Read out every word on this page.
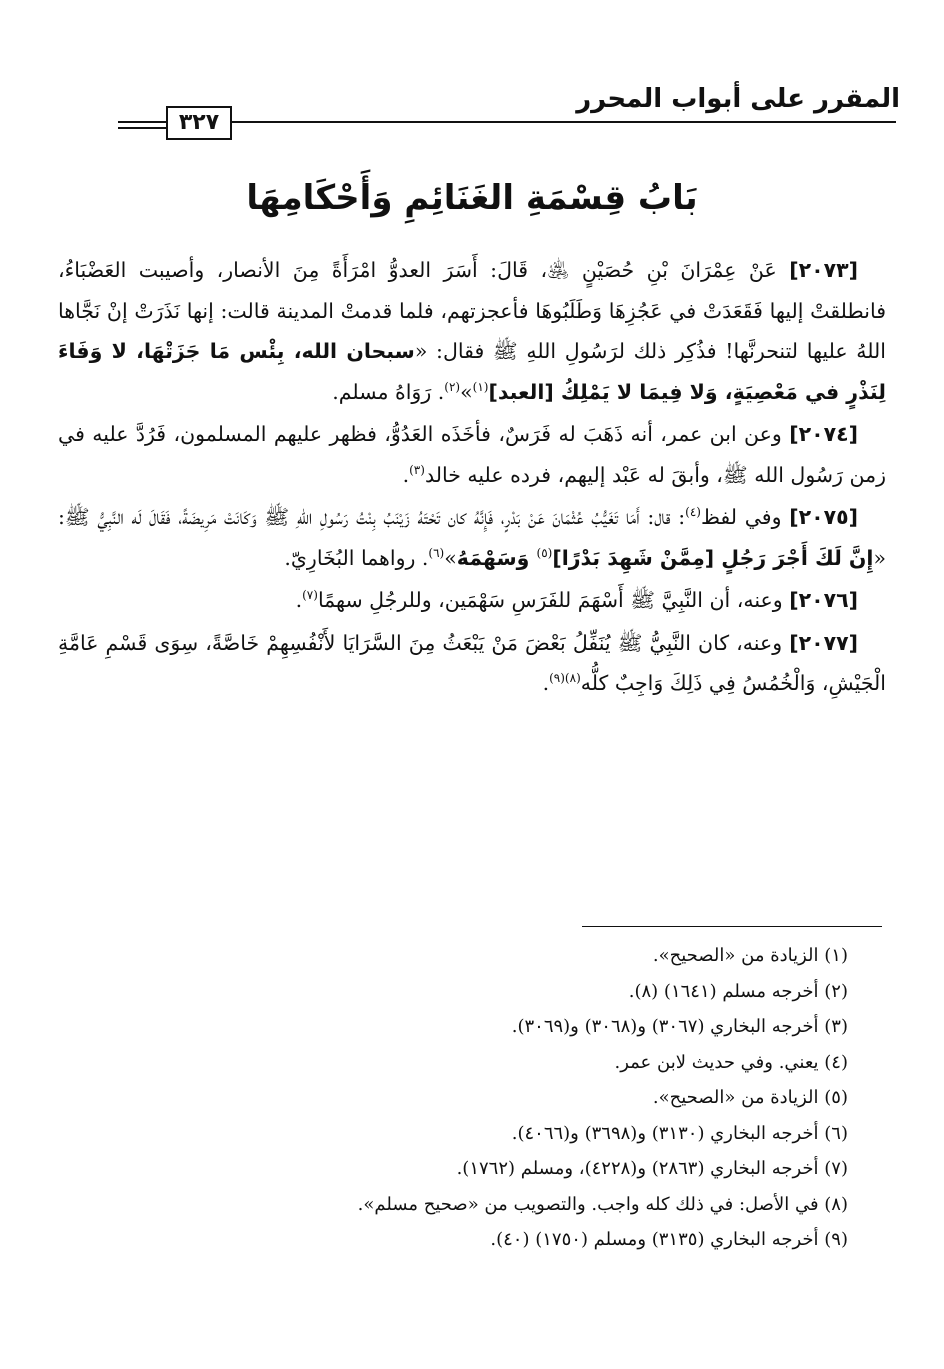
المقرر على أبواب المحرر
٣٢٧
بَابُ قِسْمَةِ الغَنَائِمِ وَأَحْكَامِهَا

[٢٠٧٣] عَنْ عِمْرَانَ بْنِ حُصَيْنٍ ﵁، قَالَ: أَسَرَ العدوُّ امْرَأَةً مِنَ الأنصار، وأصيبت العَضْبَاءُ، فانطلقتْ إليها فَقَعَدَتْ في عَجُزِهَا وَطَلَبُوهَا فأعجزتهم، فلما قدمتْ المدينة قالت: إنها نَذَرَتْ إنْ نَجَّاها اللهُ عليها لتنحرنَّها! فذُكِر ذلك لرَسُولِ اللهِ ﷺ فقال: «سبحان الله، بِئْس مَا جَزَتْهَا، لا وَفَاءَ لِنَذْرٍ في مَعْصِيَةٍ، وَلا فِيمَا لا يَمْلِكُ [العبد]$^{(١)}$»$^{(٢)}$. رَوَاهُ مسلم.

[٢٠٧٤] وعن ابن عمر، أنه ذَهَبَ له فَرَسٌ، فأخَذَه العَدُوُّ، فظهر عليهم المسلمون، فَرُدَّ عليه في زمن رَسُول الله ﷺ، وأبقَ له عَبْد إليهم، فرده عليه خالد$^{(٣)}$.

[٢٠٧٥] وفي لفظ$^{(٤)}$: قال: أَمَا تَغَيُّبُ عُثْمَانَ عَنْ بَدْرٍ، فَإِنَّهُ كان تَحْتَهُ زَيْنَبُ بِنْتُ رَسُولِ اللهِ ﷺ وَكَانَتْ مَرِيضَةً، فَقَالَ لَه النَّبِيُّ ﷺ: «إِنَّ لَكَ أَجْرَ رَجُلٍ [مِمَّنْ شَهِدَ بَدْرًا]$^{(٥)}$ وَسَهْمَهُ»$^{(٦)}$. رواهما البُخَارِيّ.

[٢٠٧٦] وعنه، أن النَّبِيَّ ﷺ أَسْهَمَ للفَرَسِ سَهْمَين، وللرجُلِ سهمًا$^{(٧)}$.

[٢٠٧٧] وعنه، كان النَّبِيُّ ﷺ يُنَفِّلُ بَعْضَ مَنْ يَبْعَثُ مِنَ السَّرَايَا لأَنْفُسِهِمْ خَاصَّةً، سِوَى قَسْمِ عَامَّةِ الْجَيْشِ، وَالْخُمُسُ فِي ذَلِكَ وَاجِبٌ كلُّه$^{(٨)(٩)}$.

(١) الزيادة من «الصحيح».
(٢) أخرجه مسلم (١٦٤١) (٨).
(٣) أخرجه البخاري (٣٠٦٧) و(٣٠٦٨) و(٣٠٦٩).
(٤) يعني. وفي حديث لابن عمر.
(٥) الزيادة من «الصحيح».
(٦) أخرجه البخاري (٣١٣٠) و(٣٦٩٨) و(٤٠٦٦).
(٧) أخرجه البخاري (٢٨٦٣) و(٤٢٢٨)، ومسلم (١٧٦٢).
(٨) في الأصل: في ذلك كله واجب. والتصويب من «صحيح مسلم».
(٩) أخرجه البخاري (٣١٣٥) ومسلم (١٧٥٠) (٤٠).
